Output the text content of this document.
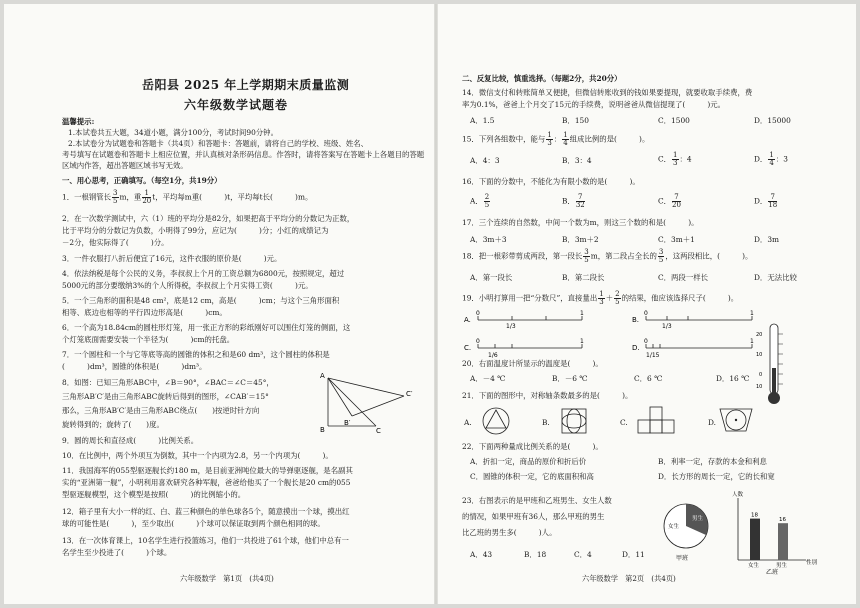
岳阳县 2025 年上学期期末质量监测
六年级数学试题卷
温馨提示:
1.本试卷共五大题，34道小题，满分100分，考试时间90分钟。
2.本试卷分为试题卷和答题卡（共4页）和答题卡：答题前，请将自己的学校、班级、姓名、
考号填写在试题卷和答题卡上相应位置，并认真核对条形码信息。作答时，请将答案写在答题卡上各题目的答题
区域内作答，超出答题区域书写无效。
一、用心思考，正确填写。（每空1分，共19分）
1．一根钢管长 $\frac{3}{5}$ m，重 $\frac{1}{20}$ t，平均每m重(　　　)t，平均每t长(　　　)m。
2．在一次数学测试中，六（1）班的平均分是82分，如果把高于平均分的分数记为正数，
比于平均分的分数记为负数，小明得了99分，应记为(　　　)分；小红的成绩记为
－2分，他实际得了(　　　)分。
3．一件衣服打八折后便宜了16元，这件衣服的原价是(　　　)元。
4．依法纳税是每个公民的义务，李叔叔上个月的工资总额为6800元，按照规定，超过
5000元的部分要缴纳3%的个人所得税，李叔叔上个月实得工资(　　　)元。
5．一个三角形的面积是48 cm²，底是12 cm，高是(　　　)cm；与这个三角形面积
相等、底边也相等的平行四边形高是(　　　)cm。
6．一个高为18.84cm的圆柱形灯笼，用一张正方形的彩纸刚好可以围住灯笼的侧面，这
个灯笼底面需要安装一个半径为(　　　)cm的托盘。
7．一个圆柱和一个与它等底等高的圆锥的体积之和是60 dm³，这个圆柱的体积是
(　　　)dm³，圆锥的体积是(　　　)dm³。
8．如图：已知三角形ABC中，∠B＝90°，∠BAC＝∠C＝45°，
三角形AB′C′是由三角形ABC旋转后得到的图形，∠CAB′＝15°
那么，三角形AB′C′是由三角形ABC绕点(　　)按逆时针方向
旋转得到的；旋转了(　　)度。
A
B	C
B′
C′
9．圆的周长和直径成(　　　)比例关系。
10．在比例中，两个外项互为倒数，其中一个内项为2.8，另一个内项为(　　　)。
11．我国海军的055型驱逐舰长约180 m，是目前亚洲吨位最大的导弹驱逐舰，是名副其
实的“亚洲第一舰”，小明利用喜欢研究各种军舰，爸爸给他买了一个舰长是20 cm的055
型驱逐舰模型，这个模型是按照(　　　)的比例缩小的。
12．箱子里有大小一样的红、白、蓝三种颜色的单色球各5个，随意摸出一个球，摸出红
球的可能性是(　　　)，至少取出(　　　)个球可以保证取到两个颜色相同的球。
13．在一次体育课上，10名学生进行投篮练习，他们一共投进了61个球，他们中总有一
名学生至少投进了(　　　)个球。
六年级数学　第1页　(共4页)
二、反复比较，慎重选择。（每题2分，共20分）
14．微信支付和转账简单又便捷，但微信转账收到的钱如果要提现，就要收取手续费，费
率为0.1%，爸爸上个月交了15元的手续费，说明爸爸从微信提现了(　　　)元。
A．1.5	B．150	C．1500	D．15000
15．下列各组数中，能与 $\frac{1}{3}$ ： $\frac{1}{4}$ 组成比例的是(　　　)。
A．4：3	B．3：4	C． $\frac{1}{3}$ ：4	D． $\frac{1}{4}$ ：3
16．下面的分数中，不能化为有限小数的是(　　　)。
A． $\frac{2}{5}$	B． $\frac{7}{32}$	C． $\frac{7}{20}$	D． $\frac{7}{18}$
17．三个连续的自然数，中间一个数为m，则这三个数的和是(　　　)。
A．3m＋3	B．3m＋2	C．3m＋1	D．3m
18．把一根彩带剪成两段，第一段长 $\frac{3}{5}$ m，第二段占全长的 $\frac{3}{5}$ ，这两段相比，(　　　)。
A．第一段长	B．第二段长	C．两段一样长	D．无法比较
19．小明打算用一把“分数尺”，直接量出 $\frac{1}{3} + \frac{2}{5}$ 的结果，他应该选择尺子(　　　)。
A.
0
1/3
1
B.
0
1/3
1
C.
0
1/6
1
D.
0
1/15
1
20
10
0
10
20．右面温度计所显示的温度是(　　　)。
A．－4 ℃	B．－6 ℃	C．6 ℃	D．16 ℃
21．下面的图形中，对称轴条数最多的是(　　　)。
A.	B.	C.	D.
22．下面两种量成比例关系的是(　　　)。
A．折扣一定，商品的原价和折后价	B．利率一定，存款的本金和利息
C．圆锥的体积一定，它的底面积和高	D．长方形的周长一定，它的长和宽
23．右图表示的是甲班和乙班男生、女生人数
的情况，如果甲班有36人，那么甲班的男生
比乙班的男生多(　　　)人。
A．43	B．18	C．4	D．11
女生
男生
甲班
人数
性别
乙班
18
女生
16
男生
六年级数学　第2页　(共4页)
